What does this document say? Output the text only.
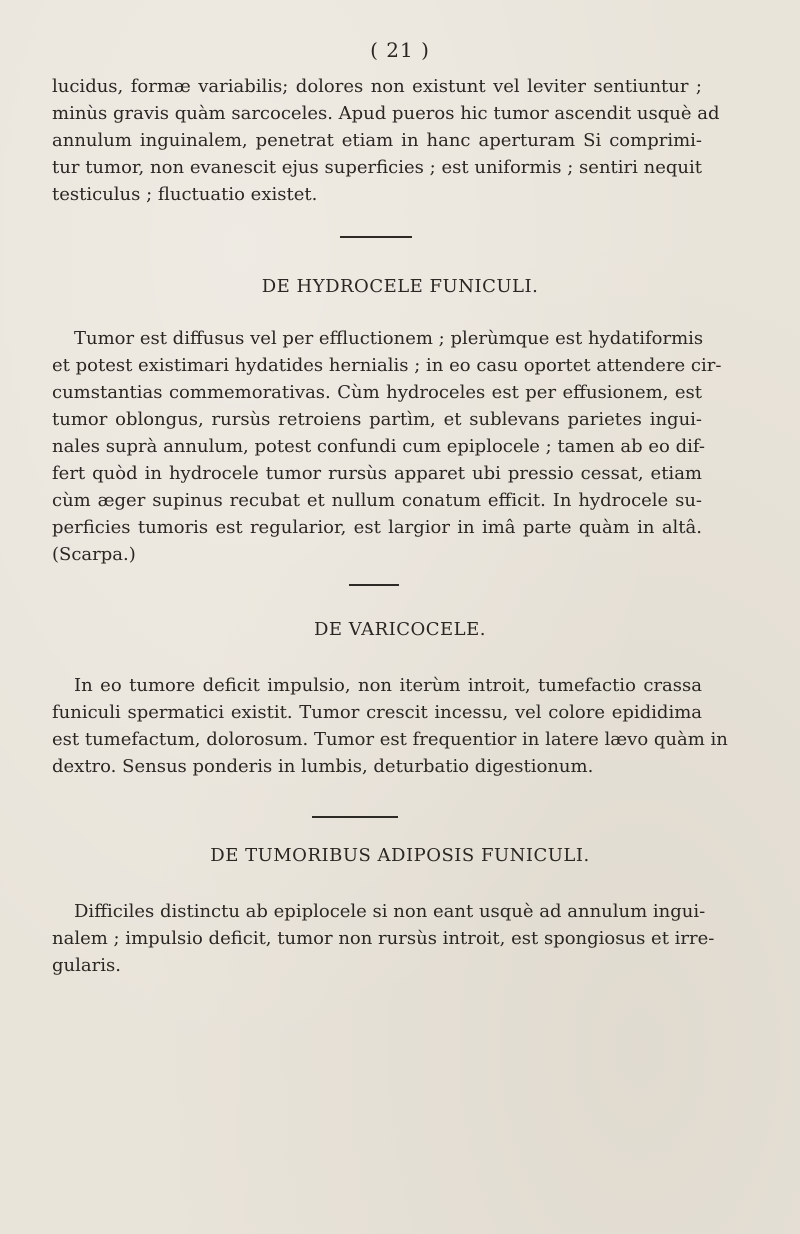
( 21 )
lucidus, formæ variabilis; dolores non existunt vel leviter sentiuntur ;
minùs gravis quàm sarcoceles. Apud pueros hic tumor ascendit usquè ad
annulum inguinalem, penetrat etiam in hanc aperturam Si comprimi-
tur tumor, non evanescit ejus superficies ; est uniformis ; sentiri nequit
testiculus ; fluctuatio existet.
DE HYDROCELE FUNICULI.
Tumor est diffusus vel per effluctionem ; plerùmque est hydatiformis
et potest existimari hydatides hernialis ; in eo casu oportet attendere cir-
cumstantias commemorativas. Cùm hydroceles est per effusionem, est
tumor oblongus, rursùs retroiens partìm, et sublevans parietes ingui-
nales suprà annulum, potest confundi cum epiplocele ; tamen ab eo dif-
fert quòd in hydrocele tumor rursùs apparet ubi pressio cessat, etiam
cùm æger supinus recubat et nullum conatum efficit. In hydrocele su-
perficies tumoris est regularior, est largior in imâ parte quàm in altâ.
(Scarpa.)
DE VARICOCELE.
In eo tumore deficit impulsio, non iterùm introit, tumefactio crassa
funiculi spermatici existit. Tumor crescit incessu, vel colore epididima
est tumefactum, dolorosum. Tumor est frequentior in latere lævo quàm in
dextro. Sensus ponderis in lumbis, deturbatio digestionum.
DE TUMORIBUS ADIPOSIS FUNICULI.
Difficiles distinctu ab epiplocele si non eant usquè ad annulum ingui-
nalem ; impulsio deficit, tumor non rursùs introit, est spongiosus et irre-
gularis.
